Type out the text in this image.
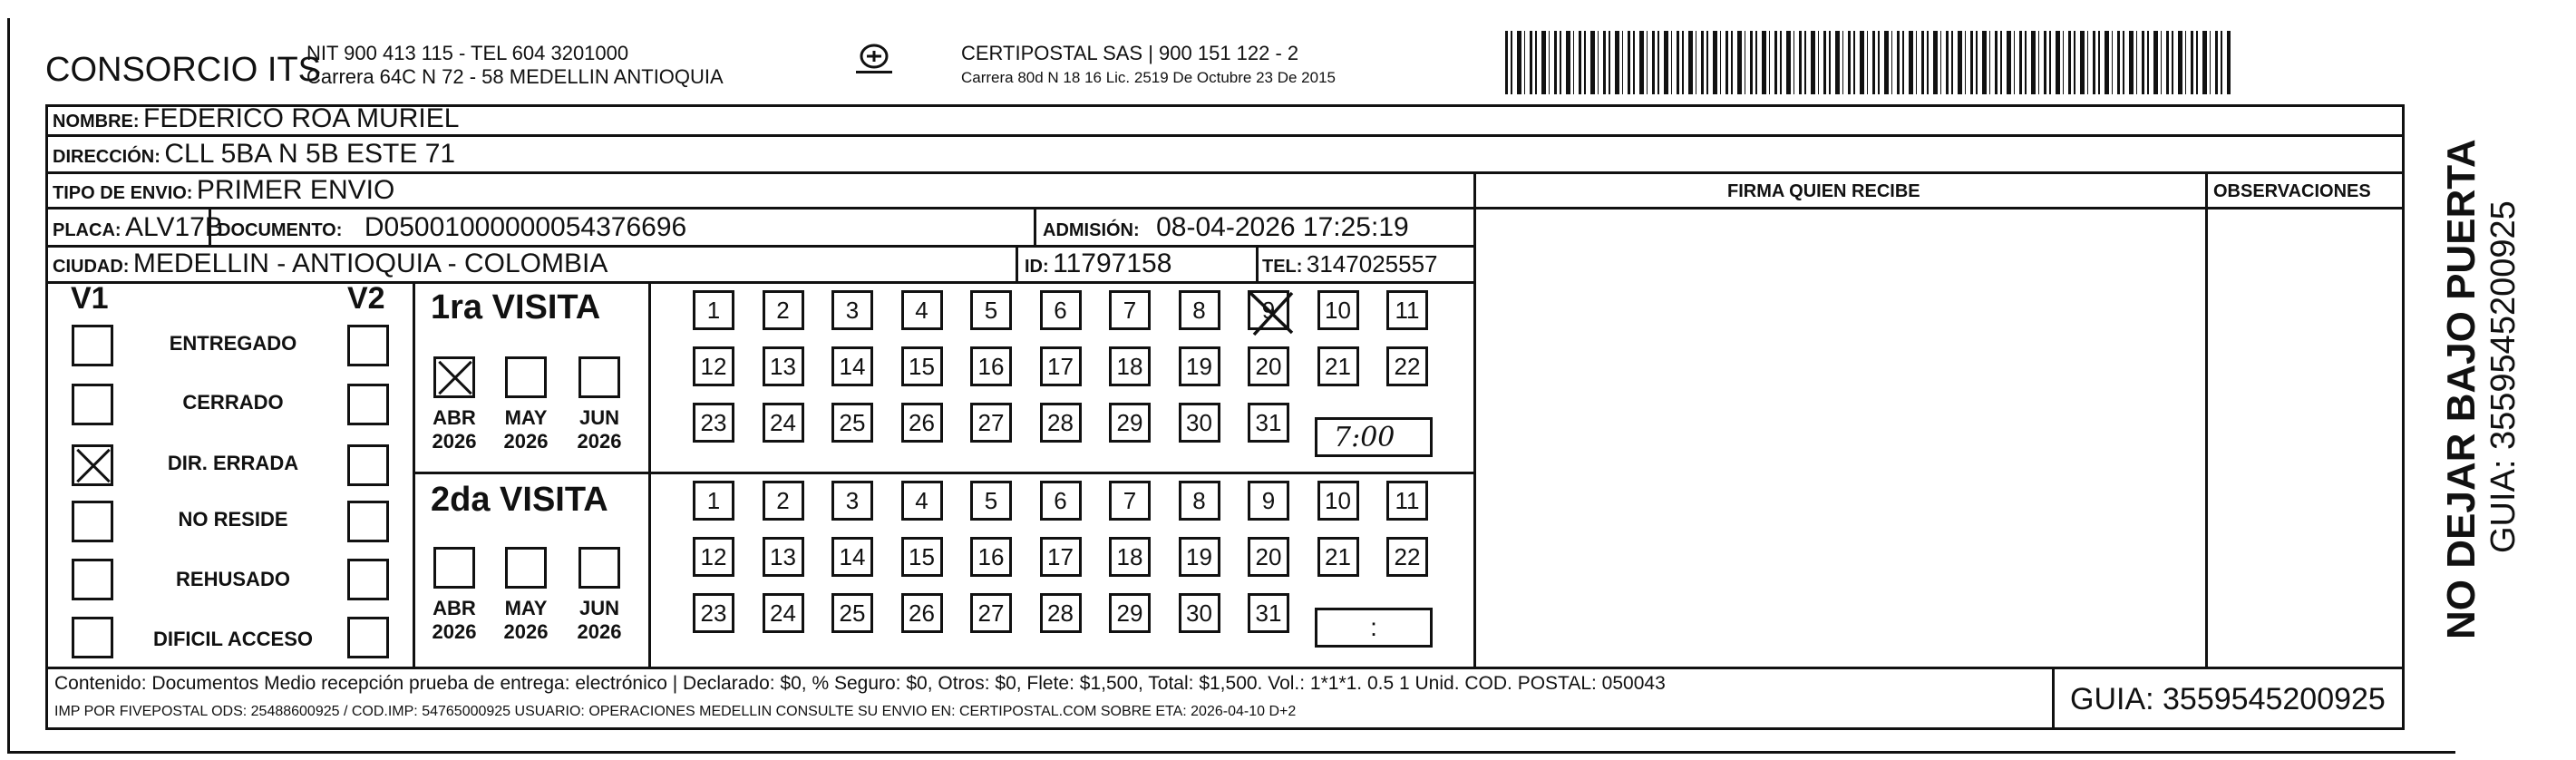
CONSORCIO ITS
NIT 900 413 115 - TEL 604 3201000
Carrera 64C N 72 - 58 MEDELLIN ANTIOQUIA
CERTIPOSTAL SAS | 900 151 122 - 2
Carrera 80d N 18 16 Lic. 2519 De Octubre 23 De 2015
FIRMA QUIEN RECIBE	OBSERVACIONES
NOMBRE: FEDERICO ROA MURIEL
DIRECCIÓN: CLL 5BA N 5B ESTE 71
TIPO DE ENVIO: PRIMER ENVIO
PLACA: ALV17B
DOCUMENTO: D05001000000054376696	ADMISIÓN: 08-04-2026 17:25:19
CIUDAD: MEDELLIN - ANTIOQUIA - COLOMBIA	ID: 11797158	TEL: 3147025557
V1	V2
ENTREGADO
CERRADO
DIR. ERRADA
NO RESIDE
REHUSADO
DIFICIL ACCESO
1ra VISITA
ABR
2026
MAY
2026
JUN
2026
2da VISITA
ABR
2026
MAY
2026
JUN
2026
1 2 3 4 5 6 7 8 9 10 11
12 13 14 15 16 17 18 19 20 21 22
23 24 25 26 27 28 29 30 31
1 2 3 4 5 6 7 8 9 10 11
12 13 14 15 16 17 18 19 20 21 22
23 24 25 26 27 28 29 30 31
7:00
:
Contenido: Documentos Medio recepción prueba de entrega: electrónico | Declarado: $0, % Seguro: $0, Otros: $0, Flete: $1,500, Total: $1,500. Vol.: 1*1*1. 0.5 1 Unid. COD. POSTAL: 050043
IMP POR FIVEPOSTAL ODS: 25488600925 / COD.IMP: 54765000925 USUARIO: OPERACIONES MEDELLIN CONSULTE SU ENVIO EN: CERTIPOSTAL.COM SOBRE ETA: 2026-04-10 D+2	GUIA: 3559545200925
NO DEJAR BAJO PUERTA GUIA: 3559545200925
